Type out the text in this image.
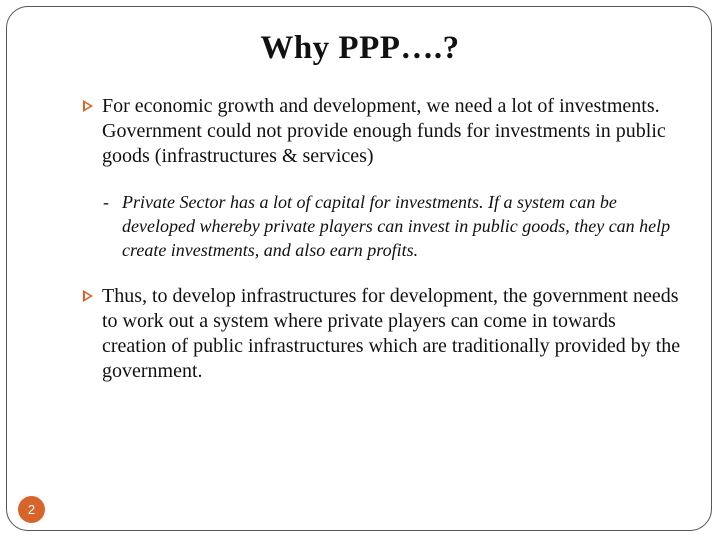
Why PPP….?
For economic growth and development, we need a lot of investments. Government could not provide enough funds for investments in public goods (infrastructures & services)
- Private Sector has a lot of capital for investments. If a system can be developed whereby private players can invest in public goods, they can help create investments, and also earn profits.
Thus, to develop infrastructures for development, the government needs to work out a system where private players can come in towards creation of public infrastructures which are traditionally provided by the government.
2
